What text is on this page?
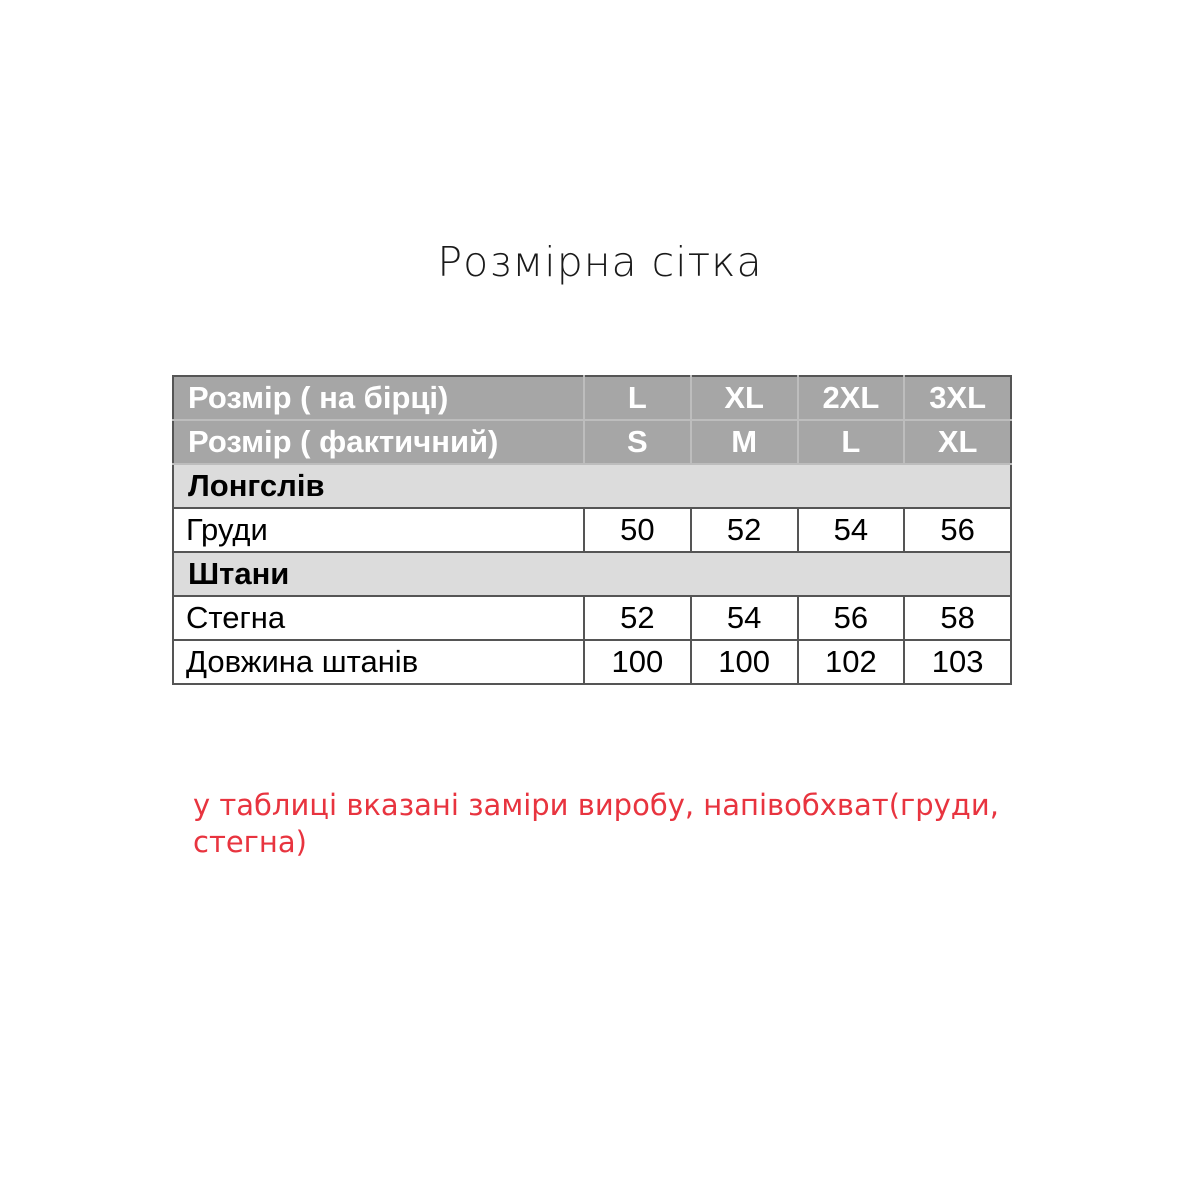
Розмірна сітка
Розмір ( на бірці)	L	XL	2XL	3XL
Розмір ( фактичний)	S	M	L	XL
Лонгслів				
Груди	50	52	54	56
Штани				
Стегна	52	54	56	58
Довжина штанів	100	100	102	103
у таблиці вказані заміри виробу, напівобхват(груди, стегна)
